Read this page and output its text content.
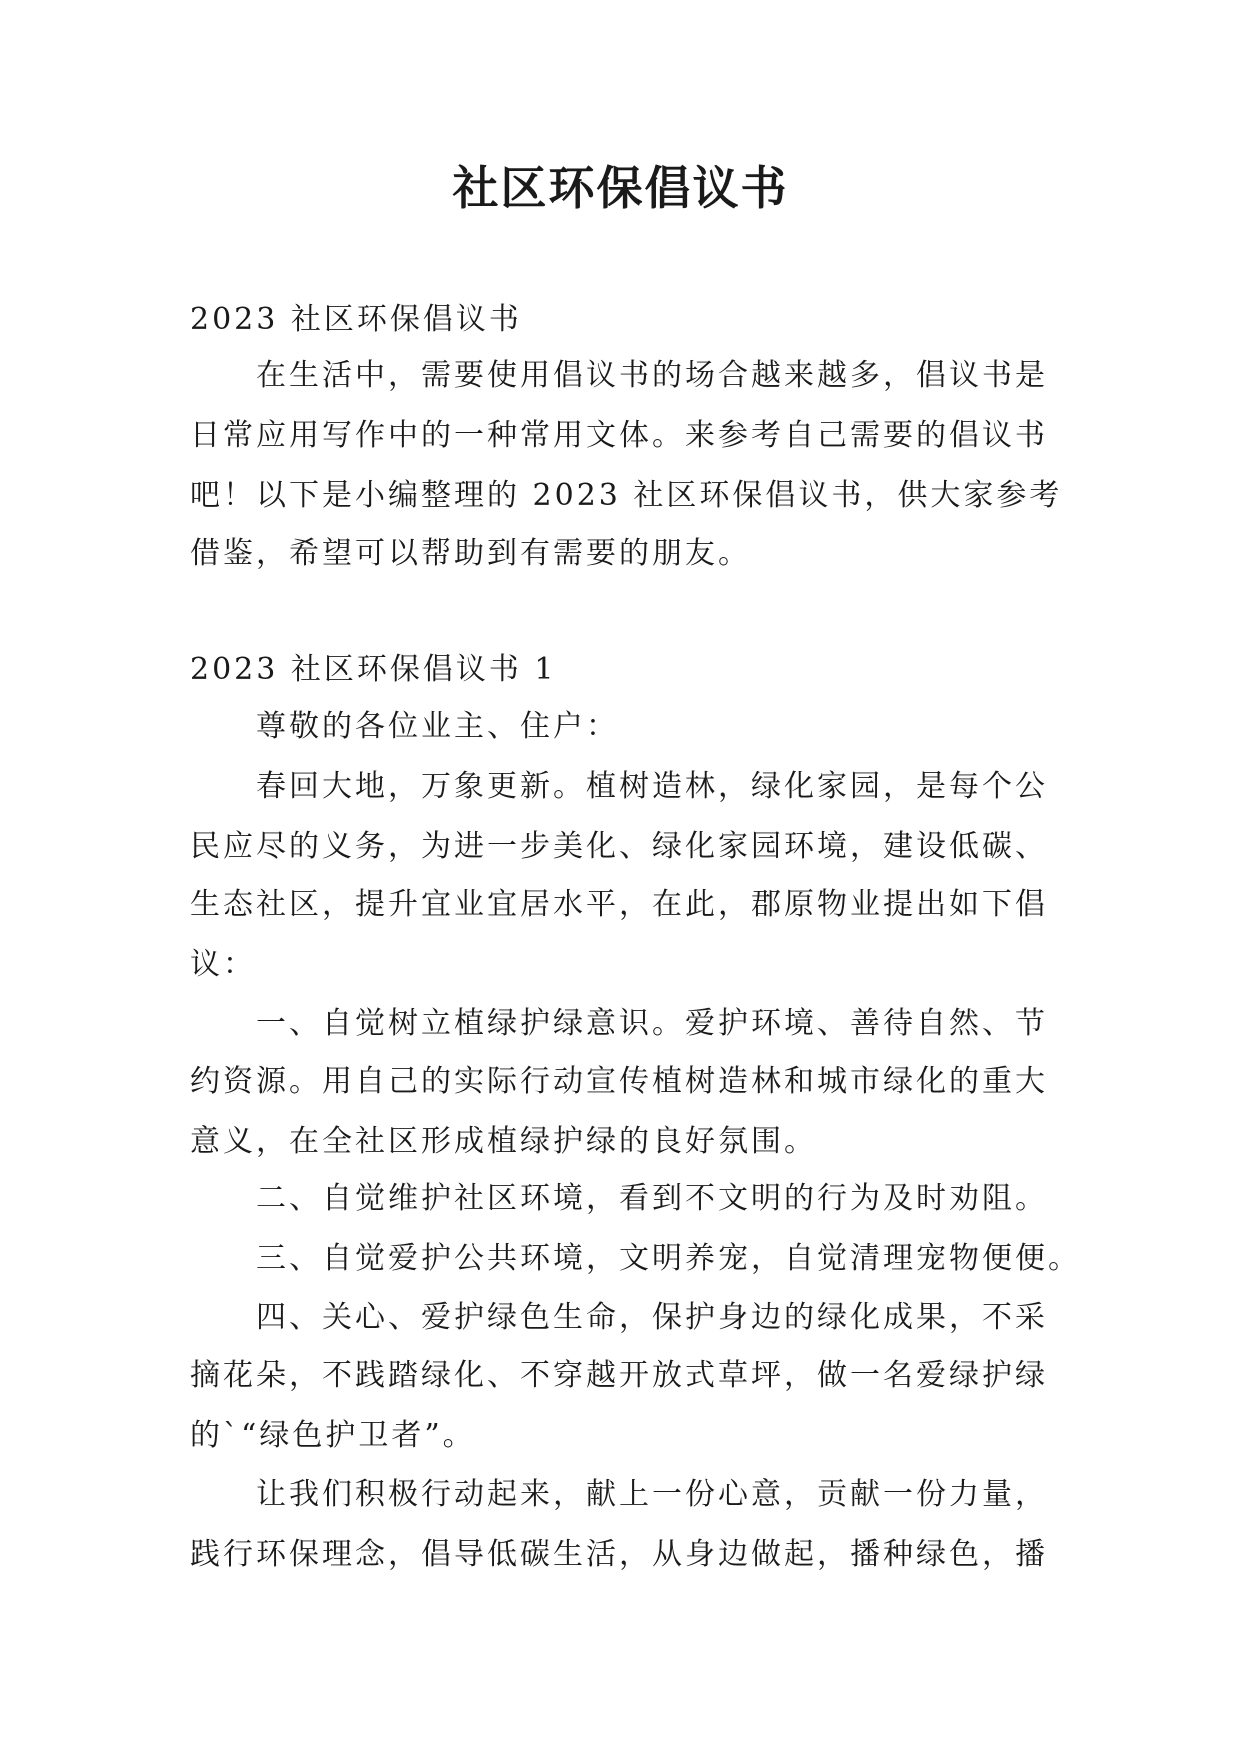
社区环保倡议书
2023 社区环保倡议书
在生活中，需要使用倡议书的场合越来越多，倡议书是
日常应用写作中的一种常用文体。来参考自己需要的倡议书
吧！以下是小编整理的 2023 社区环保倡议书，供大家参考
借鉴，希望可以帮助到有需要的朋友。
2023 社区环保倡议书 1
尊敬的各位业主、住户：
春回大地，万象更新。植树造林，绿化家园，是每个公
民应尽的义务，为进一步美化、绿化家园环境，建设低碳、
生态社区，提升宜业宜居水平，在此，郡原物业提出如下倡
议：
一、自觉树立植绿护绿意识。爱护环境、善待自然、节
约资源。用自己的实际行动宣传植树造林和城市绿化的重大
意义，在全社区形成植绿护绿的良好氛围。
二、自觉维护社区环境，看到不文明的行为及时劝阻。
三、自觉爱护公共环境，文明养宠，自觉清理宠物便便。
四、关心、爱护绿色生命，保护身边的绿化成果，不采
摘花朵，不践踏绿化、不穿越开放式草坪，做一名爱绿护绿
的`“绿色护卫者”。
让我们积极行动起来，献上一份心意，贡献一份力量，
践行环保理念，倡导低碳生活，从身边做起，播种绿色，播
